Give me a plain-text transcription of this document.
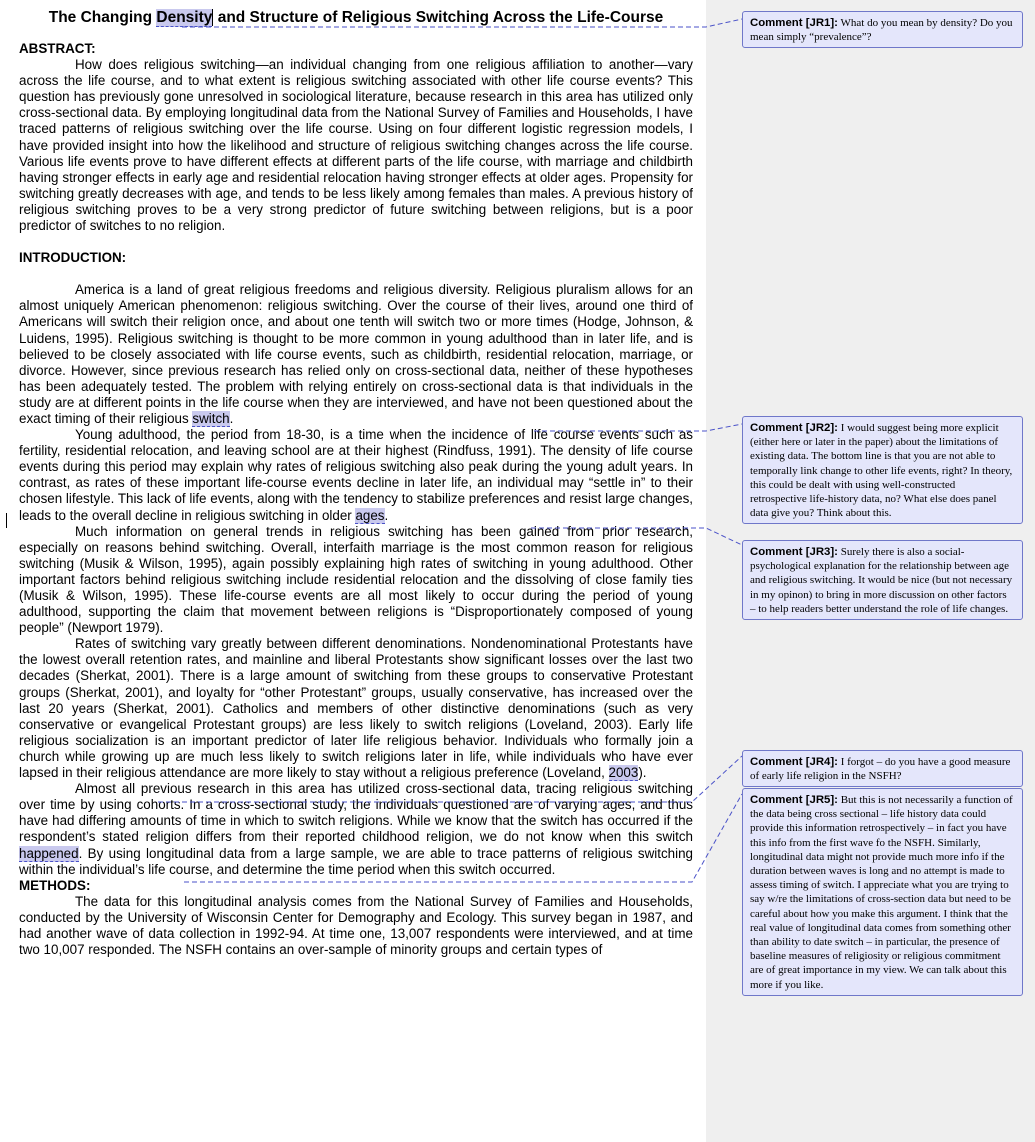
The Changing Density and Structure of Religious Switching Across the Life-Course

ABSTRACT:

How does religious switching—an individual changing from one religious affiliation to another—vary across the life course, and to what extent is religious switching associated with other life course events? This question has previously gone unresolved in sociological literature, because research in this area has utilized only cross-sectional data. By employing longitudinal data from the National Survey of Families and Households, I have traced patterns of religious switching over the life course. Using on four different logistic regression models, I have provided insight into how the likelihood and structure of religious switching changes across the life course. Various life events prove to have different effects at different parts of the life course, with marriage and childbirth having stronger effects in early age and residential relocation having stronger effects at older ages. Propensity for switching greatly decreases with age, and tends to be less likely among females than males. A previous history of religious switching proves to be a very strong predictor of future switching between religions, but is a poor predictor of switches to no religion.

INTRODUCTION:

America is a land of great religious freedoms and religious diversity. Religious pluralism allows for an almost uniquely American phenomenon: religious switching. Over the course of their lives, around one third of Americans will switch their religion once, and about one tenth will switch two or more times (Hodge, Johnson, & Luidens, 1995). Religious switching is thought to be more common in young adulthood than in later life, and is believed to be closely associated with life course events, such as childbirth, residential relocation, marriage, or divorce. However, since previous research has relied only on cross-sectional data, neither of these hypotheses has been adequately tested. The problem with relying entirely on cross-sectional data is that individuals in the study are at different points in the life course when they are interviewed, and have not been questioned about the exact timing of their religious switch.

Young adulthood, the period from 18-30, is a time when the incidence of life course events such as fertility, residential relocation, and leaving school are at their highest (Rindfuss, 1991). The density of life course events during this period may explain why rates of religious switching also peak during the young adult years. In contrast, as rates of these important life-course events decline in later life, an individual may “settle in” to their chosen lifestyle. This lack of life events, along with the tendency to stabilize preferences and resist large changes, leads to the overall decline in religious switching in older ages.

Much information on general trends in religious switching has been gained from prior research, especially on reasons behind switching. Overall, interfaith marriage is the most common reason for religious switching (Musik & Wilson, 1995), again possibly explaining high rates of switching in young adulthood. Other important factors behind religious switching include residential relocation and the dissolving of close family ties (Musik & Wilson, 1995). These life-course events are all most likely to occur during the period of young adulthood, supporting the claim that movement between religions is “Disproportionately composed of young people” (Newport 1979).

Rates of switching vary greatly between different denominations. Nondenominational Protestants have the lowest overall retention rates, and mainline and liberal Protestants show significant losses over the last two decades (Sherkat, 2001). There is a large amount of switching from these groups to conservative Protestant groups (Sherkat, 2001), and loyalty for “other Protestant” groups, usually conservative, has increased over the last 20 years (Sherkat, 2001). Catholics and members of other distinctive denominations (such as very conservative or evangelical Protestant groups) are less likely to switch religions (Loveland, 2003). Early life religious socialization is an important predictor of later life religious behavior. Individuals who formally join a church while growing up are much less likely to switch religions later in life, while individuals who have ever lapsed in their religious attendance are more likely to stay without a religious preference (Loveland, 2003).

Almost all previous research in this area has utilized cross-sectional data, tracing religious switching over time by using cohorts. In a cross-sectional study, the individuals questioned are of varying ages, and thus have had differing amounts of time in which to switch religions. While we know that the switch has occurred if the respondent’s stated religion differs from their reported childhood religion, we do not know when this switch happened. By using longitudinal data from a large sample, we are able to trace patterns of religious switching within the individual’s life course, and determine the time period when this switch occurred.

METHODS:

The data for this longitudinal analysis comes from the National Survey of Families and Households, conducted by the University of Wisconsin Center for Demography and Ecology. This survey began in 1987, and had another wave of data collection in 1992-94. At time one, 13,007 respondents were interviewed, and at time two 10,007 responded. The NSFH contains an over-sample of minority groups and certain types of

Comment [JR1]: What do you mean by density? Do you mean simply “prevalence”?
Comment [JR2]: I would suggest being more explicit (either here or later in the paper) about the limitations of existing data. The bottom line is that you are not able to temporally link change to other life events, right? In theory, this could be dealt with using well-constructed retrospective life-history data, no? What else does panel data give you? Think about this.
Comment [JR3]: Surely there is also a social-psychological explanation for the relationship between age and religious switching. It would be nice (but not necessary in my opinon) to bring in more discussion on other factors – to help readers better understand the role of life changes.
Comment [JR4]: I forgot – do you have a good measure of early life religion in the NSFH?
Comment [JR5]: But this is not necessarily a function of the data being cross sectional – life history data could provide this information retrospectively – in fact you have this info from the first wave fo the NSFH. Similarly, longitudinal data might not provide much more info if the duration between waves is long and no attempt is made to assess timing of switch. I appreciate what you are trying to say w/re the limitations of cross-section data but need to be careful about how you make this argument. I think that the real value of longitudinal data comes from something other than ability to date switch – in particular, the presence of baseline measures of religiosity or religious commitment are of great importance in my view. We can talk about this more if you like.
